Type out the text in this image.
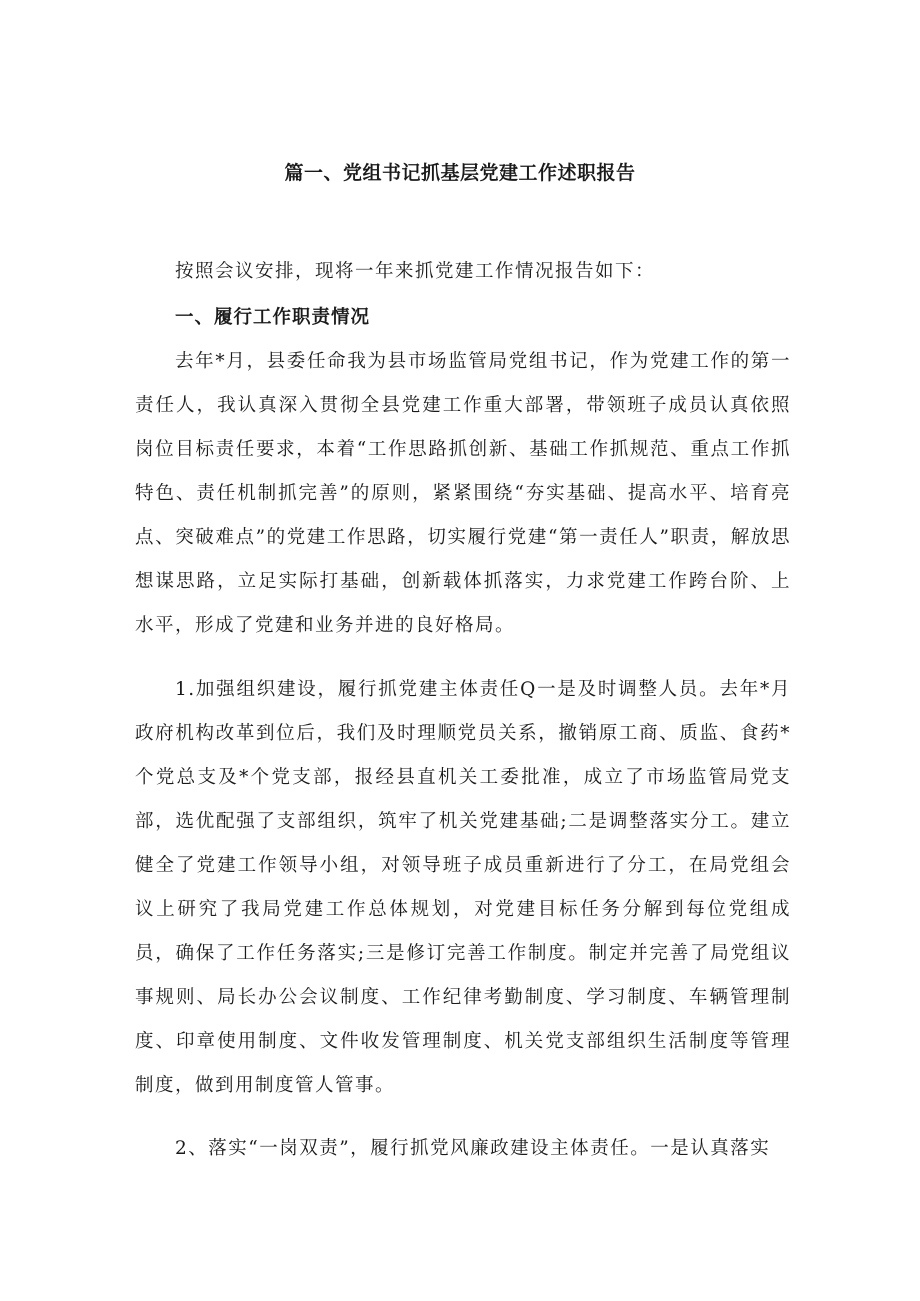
篇一、党组书记抓基层党建工作述职报告

按照会议安排，现将一年来抓党建工作情况报告如下：

一、履行工作职责情况

去年*月，县委任命我为县市场监管局党组书记，作为党建工作的第一责任人，我认真深入贯彻全县党建工作重大部署，带领班子成员认真依照岗位目标责任要求，本着“工作思路抓创新、基础工作抓规范、重点工作抓特色、责任机制抓完善”的原则，紧紧围绕“夯实基础、提高水平、培育亮点、突破难点”的党建工作思路，切实履行党建“第一责任人”职责，解放思想谋思路，立足实际打基础，创新载体抓落实，力求党建工作跨台阶、上水平，形成了党建和业务并进的良好格局。

1.加强组织建设，履行抓党建主体责任Q一是及时调整人员。去年*月政府机构改革到位后，我们及时理顺党员关系，撤销原工商、质监、食药*个党总支及*个党支部，报经县直机关工委批准，成立了市场监管局党支部，选优配强了支部组织，筑牢了机关党建基础;二是调整落实分工。建立健全了党建工作领导小组，对领导班子成员重新进行了分工，在局党组会议上研究了我局党建工作总体规划，对党建目标任务分解到每位党组成员，确保了工作任务落实;三是修订完善工作制度。制定并完善了局党组议事规则、局长办公会议制度、工作纪律考勤制度、学习制度、车辆管理制度、印章使用制度、文件收发管理制度、机关党支部组织生活制度等管理制度，做到用制度管人管事。

2、落实“一岗双责”，履行抓党风廉政建设主体责任。一是认真落实
